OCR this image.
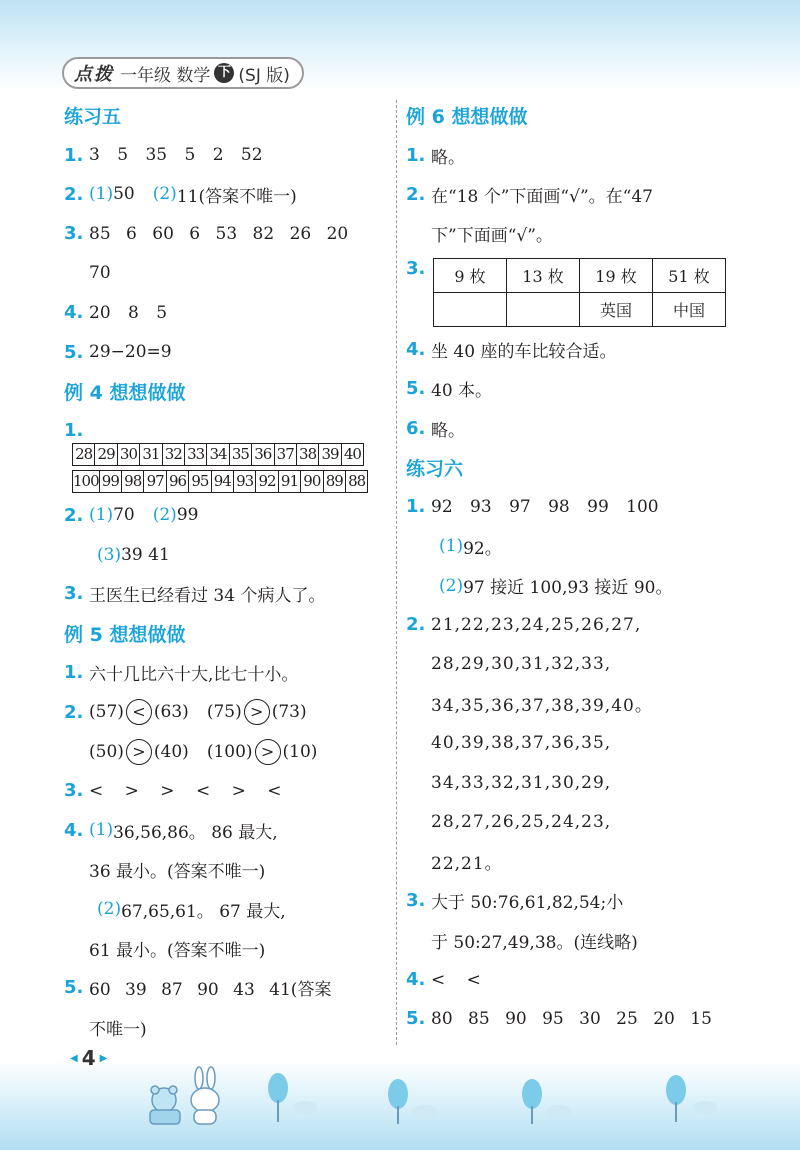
点拨 一年级 数学 下 (SJ 版)
练习五
1. 3 5 35 5 2 52
2. (1) 50 (2) 11(答案不唯一)
3. 85 6 60 6 53 82 26 20
70
4. 20 8 5
5. 29−20=9
例 4 想想做做
1.
28	29	30	31	32	33	34	35	36	37	38	39	40
100	99	98	97	96	95	94	93	92	91	90	89	88
2. (1) 70 (2) 99
(3) 39 41
3. 王医生已经看过 34 个病人了。
例 5 想想做做
1. 六十几比六十大,比七十小。
2. (57) < (63) (75) > (73)
(50) > (40) (100) > (10)
3. < > > < > <
4. (1) 36,56,86。 86 最大,
36 最小。(答案不唯一)
(2) 67,65,61。 67 最大,
61 最小。(答案不唯一)
5. 60 39 87 90 43 41(答案
不唯一)
例 6 想想做做
1. 略。
2. 在“18 个”下面画“√”。在“47
下”下面画“√”。
3.	9 枚	13 枚	19 枚	51 枚
		英国	中国
4. 坐 40 座的车比较合适。
5. 40 本。
6. 略。
练习六
1. 92 93 97 98 99 100
(1) 92。
(2) 97 接近 100,93 接近 90。
2. 21,22,23,24,25,26,27,
28,29,30,31,32,33,
34,35,36,37,38,39,40。
40,39,38,37,36,35,
34,33,32,31,30,29,
28,27,26,25,24,23,
22,21。
3. 大于 50:76,61,82,54;小
于 50:27,49,38。(连线略)
4. < <
5. 80 85 90 95 30 25 20 15
◀ 4 ▶
